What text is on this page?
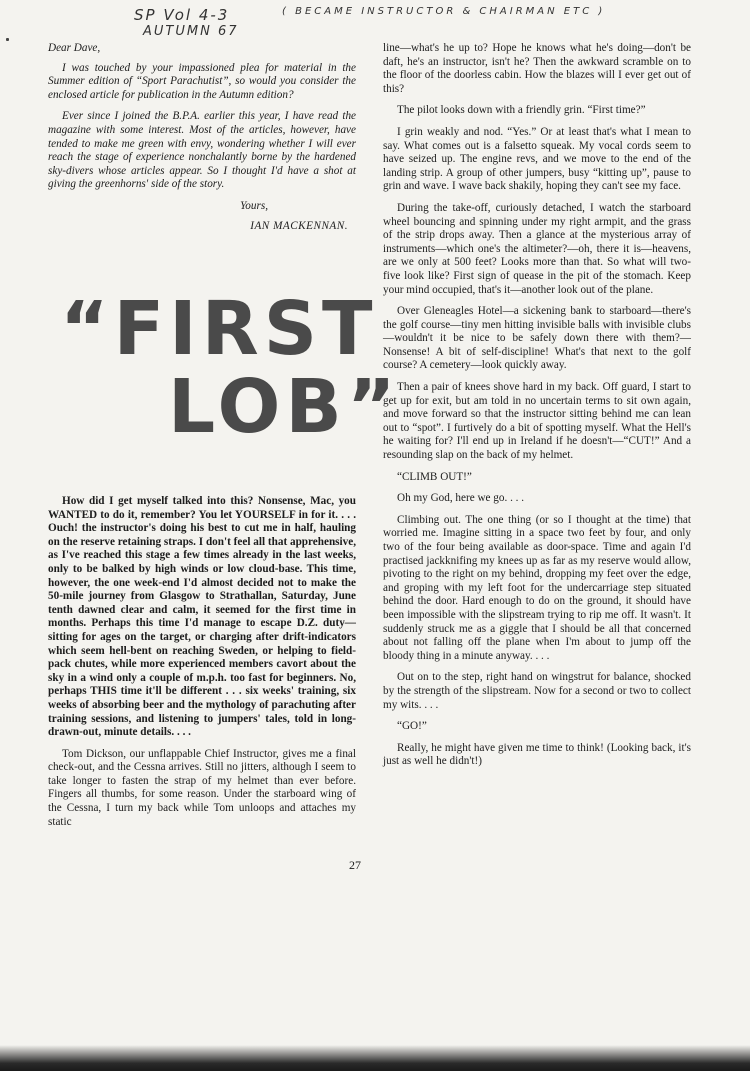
SP Vol 4-3	( BECAME INSTRUCTOR & CHAIRMAN ETC )
AUTUMN 67

Dear Dave,

I was touched by your impassioned plea for material in the Summer edition of “Sport Parachutist”, so would you consider the enclosed article for publication in the Autumn edition?

Ever since I joined the B.P.A. earlier this year, I have read the magazine with some interest. Most of the articles, however, have tended to make me green with envy, wondering whether I will ever reach the stage of experience nonchalantly borne by the hardened sky-divers whose articles appear. So I thought I'd have a shot at giving the greenhorns' side of the story.

Yours,

IAN MACKENNAN.

“FIRST
LOB”

How did I get myself talked into this? Nonsense, Mac, you WANTED to do it, remember? You let YOURSELF in for it. . . . Ouch! the instructor's doing his best to cut me in half, hauling on the reserve retaining straps. I don't feel all that apprehensive, as I've reached this stage a few times already in the last weeks, only to be balked by high winds or low cloud-base. This time, however, the one week-end I'd almost decided not to make the 50-mile journey from Glasgow to Strathallan, Saturday, June tenth dawned clear and calm, it seemed for the first time in months. Perhaps this time I'd manage to escape D.Z. duty—sitting for ages on the target, or charging after drift-indicators which seem hell-bent on reaching Sweden, or helping to field-pack chutes, while more experienced members cavort about the sky in a wind only a couple of m.p.h. too fast for beginners. No, perhaps THIS time it'll be different . . . six weeks' training, six weeks of absorbing beer and the mythology of parachuting after training sessions, and listening to jumpers' tales, told in long-drawn-out, minute details. . . .

Tom Dickson, our unflappable Chief Instructor, gives me a final check-out, and the Cessna arrives. Still no jitters, although I seem to take longer to fasten the strap of my helmet than ever before. Fingers all thumbs, for some reason. Under the starboard wing of the Cessna, I turn my back while Tom unloops and attaches my static

line—what's he up to? Hope he knows what he's doing—don't be daft, he's an instructor, isn't he? Then the awkward scramble on to the floor of the doorless cabin. How the blazes will I ever get out of this?

The pilot looks down with a friendly grin. “First time?”

I grin weakly and nod. “Yes.” Or at least that's what I mean to say. What comes out is a falsetto squeak. My vocal cords seem to have seized up. The engine revs, and we move to the end of the landing strip. A group of other jumpers, busy “kitting up”, pause to grin and wave. I wave back shakily, hoping they can't see my face.

During the take-off, curiously detached, I watch the starboard wheel bouncing and spinning under my right armpit, and the grass of the strip drops away. Then a glance at the mysterious array of instruments—which one's the altimeter?—oh, there it is—heavens, are we only at 500 feet? Looks more than that. So what will two-five look like? First sign of quease in the pit of the stomach. Keep your mind occupied, that's it—another look out of the plane.

Over Gleneagles Hotel—a sickening bank to starboard—there's the golf course—tiny men hitting invisible balls with invisible clubs—wouldn't it be nice to be safely down there with them?—Nonsense! A bit of self-discipline! What's that next to the golf course? A cemetery—look quickly away.

Then a pair of knees shove hard in my back. Off guard, I start to get up for exit, but am told in no uncertain terms to sit own again, and move forward so that the instructor sitting behind me can lean out to “spot”. I furtively do a bit of spotting myself. What the Hell's he waiting for? I'll end up in Ireland if he doesn't—“CUT!” And a resounding slap on the back of my helmet.

“CLIMB OUT!”

Oh my God, here we go. . . .

Climbing out. The one thing (or so I thought at the time) that worried me. Imagine sitting in a space two feet by four, and only two of the four being available as door-space. Time and again I'd practised jackknifing my knees up as far as my reserve would allow, pivoting to the right on my behind, dropping my feet over the edge, and groping with my left foot for the undercarriage step situated behind the door. Hard enough to do on the ground, it should have been impossible with the slipstream trying to rip me off. It wasn't. It suddenly struck me as a giggle that I should be all that concerned about not falling off the plane when I'm about to jump off the bloody thing in a minute anyway. . . .

Out on to the step, right hand on wingstrut for balance, shocked by the strength of the slipstream. Now for a second or two to collect my wits. . . .

“GO!”

Really, he might have given me time to think! (Looking back, it's just as well he didn't!)

27
